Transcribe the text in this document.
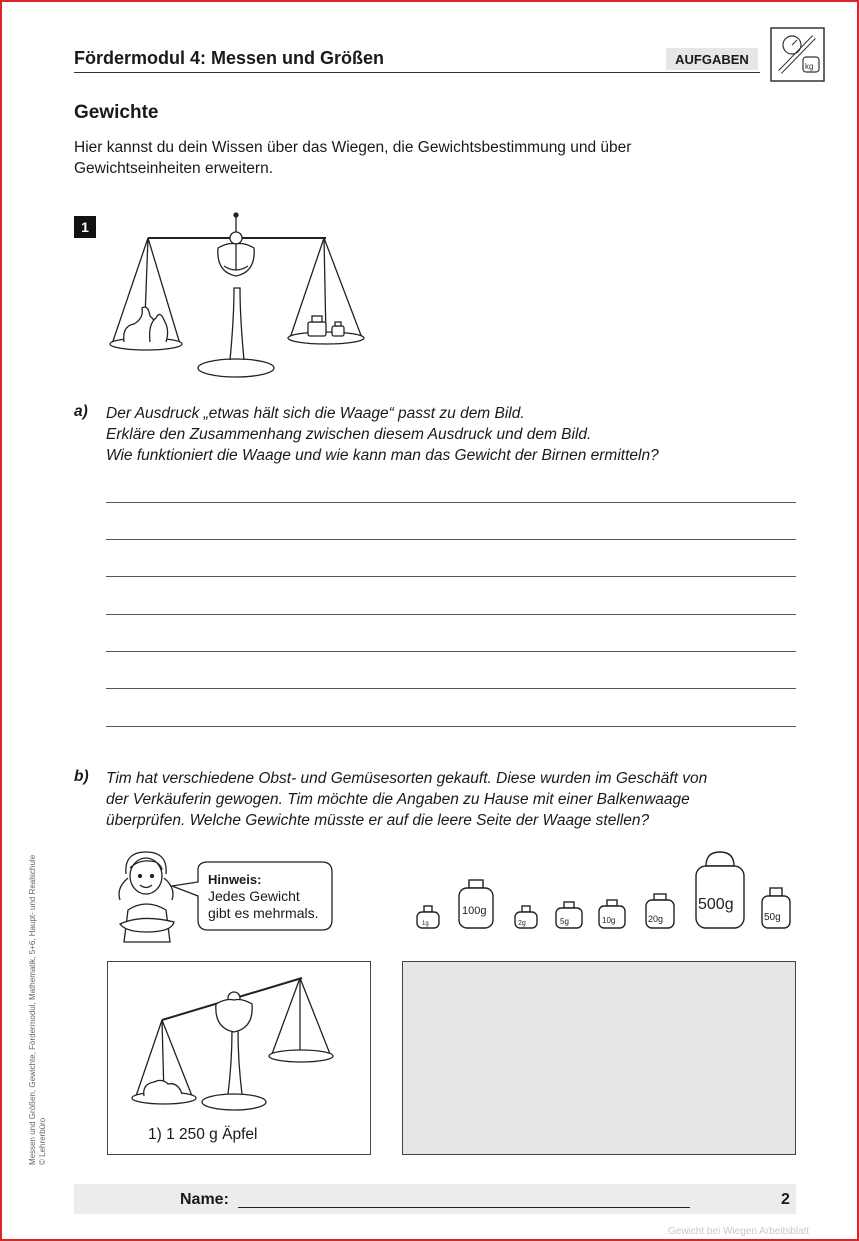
Fördermodul 4: Messen und Größen	AUFGABEN	kg
Gewichte
Hier kannst du dein Wissen über das Wiegen, die Gewichtsbestimmung und über Gewichtseinheiten erweitern.
1
a) Der Ausdruck „etwas hält sich die Waage“ passt zu dem Bild.
Erkläre den Zusammenhang zwischen diesem Ausdruck und dem Bild.
Wie funktioniert die Waage und wie kann man das Gewicht der Birnen ermitteln?
b) Tim hat verschiedene Obst- und Gemüsesorten gekauft. Diese wurden im Geschäft von
der Verkäuferin gewogen. Tim möchte die Angaben zu Hause mit einer Balkenwaage
überprüfen. Welche Gewichte müsste er auf die leere Seite der Waage stellen?
Hinweis:
Jedes Gewicht
gibt es mehrmals.
1g
100g
2g	5g	10g	20g
500g
50g
1) 1 250 g Äpfel
Name:	2
Messen und Größen, Gewichte, Fördermodul, Mathematik, 5+6, Haupt- und Realschule © Lehrerbüro
Gewicht bei Wiegen Arbeitsblatt
